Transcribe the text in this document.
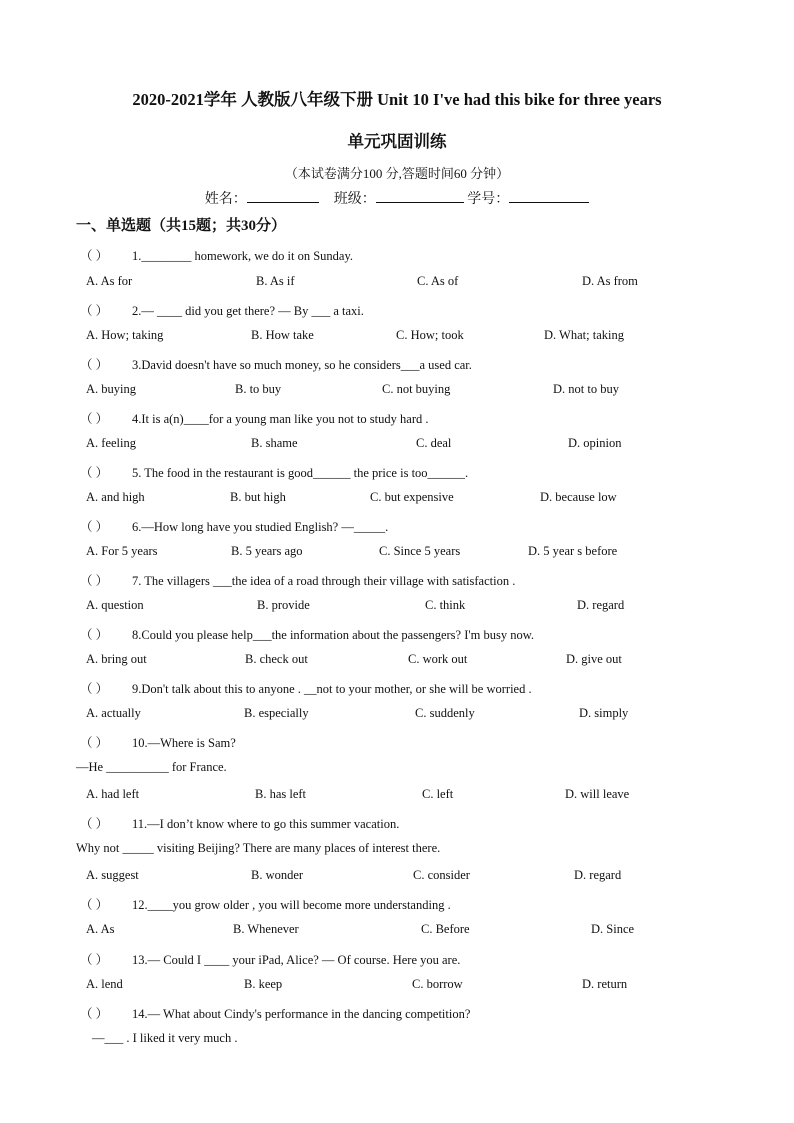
2020-2021学年 人教版八年级下册 Unit 10 I've had this bike for three years
单元巩固训练
（本试卷满分100 分,答题时间60 分钟）
姓名：	班级：	学号：
一、单选题（共15题；共30分）
（ ） 1.________ homework, we do it on Sunday.
A. As for	B. As if	C. As of	D. As from
（ ） 2.— ____ did you get there? — By ___ a taxi.
A. How; taking	B. How take	C. How; took	D. What; taking
（ ） 3.David doesn't have so much money, so he considers___a used car.
A. buying	B. to buy	C. not buying	D. not to buy
（ ） 4.It is a(n)____for a young man like you not to study hard .
A. feeling	B. shame	C. deal	D. opinion
（ ） 5. The food in the restaurant is good______ the price is too______.
A. and high	B. but high	C. but expensive	D. because low
（ ） 6.—How long have you studied English? —_____.
A. For 5 years	B. 5 years ago	C. Since 5 years	D. 5 year s before
（ ） 7. The villagers ___the idea of a road through their village with satisfaction .
A. question	B. provide	C. think	D. regard
（ ） 8.Could you please help___the information about the passengers? I'm busy now.
A. bring out	B. check out	C. work out	D. give out
（ ） 9.Don't talk about this to anyone . __not to your mother, or she will be worried .
A. actually	B. especially	C. suddenly	D. simply
（ ） 10.—Where is Sam?
—He __________ for France.
A. had left	B. has left	C. left	D. will leave
（ ） 11.—I don’t know where to go this summer vacation.
Why not _____ visiting Beijing? There are many places of interest there.
A. suggest	B. wonder	C. consider	D. regard
（ ） 12.____you grow older , you will become more understanding .
A. As	B. Whenever	C. Before	D. Since
（ ） 13.— Could I ____ your iPad, Alice? — Of course. Here you are.
A. lend	B. keep	C. borrow	D. return
（ ） 14.— What about Cindy's performance in the dancing competition?
—___ . I liked it very much .
